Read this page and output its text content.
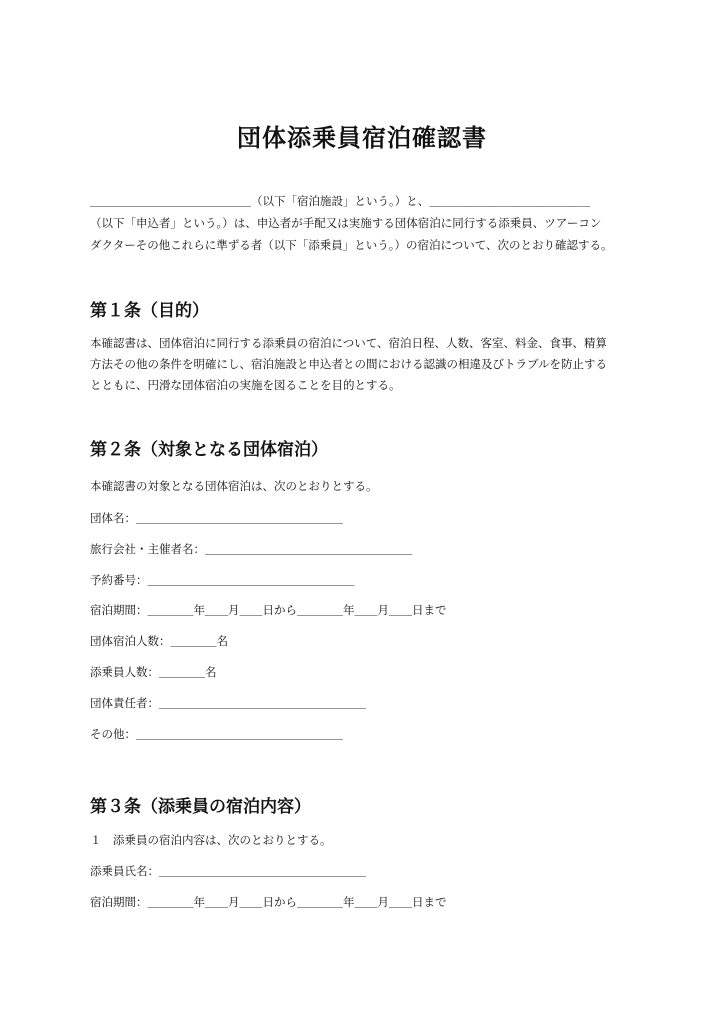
団体添乗員宿泊確認書
＿＿＿＿＿＿＿＿＿＿＿＿＿＿（以下「宿泊施設」という。）と、＿＿＿＿＿＿＿＿＿＿＿＿＿＿
（以下「申込者」という。）は、申込者が手配又は実施する団体宿泊に同行する添乗員、ツアーコン
ダクターその他これらに準ずる者（以下「添乗員」という。）の宿泊について、次のとおり確認する。
第１条（目的）
本確認書は、団体宿泊に同行する添乗員の宿泊について、宿泊日程、人数、客室、料金、食事、精算
方法その他の条件を明確にし、宿泊施設と申込者との間における認識の相違及びトラブルを防止する
とともに、円滑な団体宿泊の実施を図ることを目的とする。
第２条（対象となる団体宿泊）

本確認書の対象となる団体宿泊は、次のとおりとする。

団体名：＿＿＿＿＿＿＿＿＿＿＿＿＿＿＿＿＿＿

旅行会社・主催者名：＿＿＿＿＿＿＿＿＿＿＿＿＿＿＿＿＿＿

予約番号：＿＿＿＿＿＿＿＿＿＿＿＿＿＿＿＿＿＿

宿泊期間：＿＿＿＿年＿＿月＿＿日から＿＿＿＿年＿＿月＿＿日まで

団体宿泊人数：＿＿＿＿名

添乗員人数：＿＿＿＿名

団体責任者：＿＿＿＿＿＿＿＿＿＿＿＿＿＿＿＿＿＿

その他：＿＿＿＿＿＿＿＿＿＿＿＿＿＿＿＿＿＿

第３条（添乗員の宿泊内容）

１　添乗員の宿泊内容は、次のとおりとする。

添乗員氏名：＿＿＿＿＿＿＿＿＿＿＿＿＿＿＿＿＿＿

宿泊期間：＿＿＿＿年＿＿月＿＿日から＿＿＿＿年＿＿月＿＿日まで
